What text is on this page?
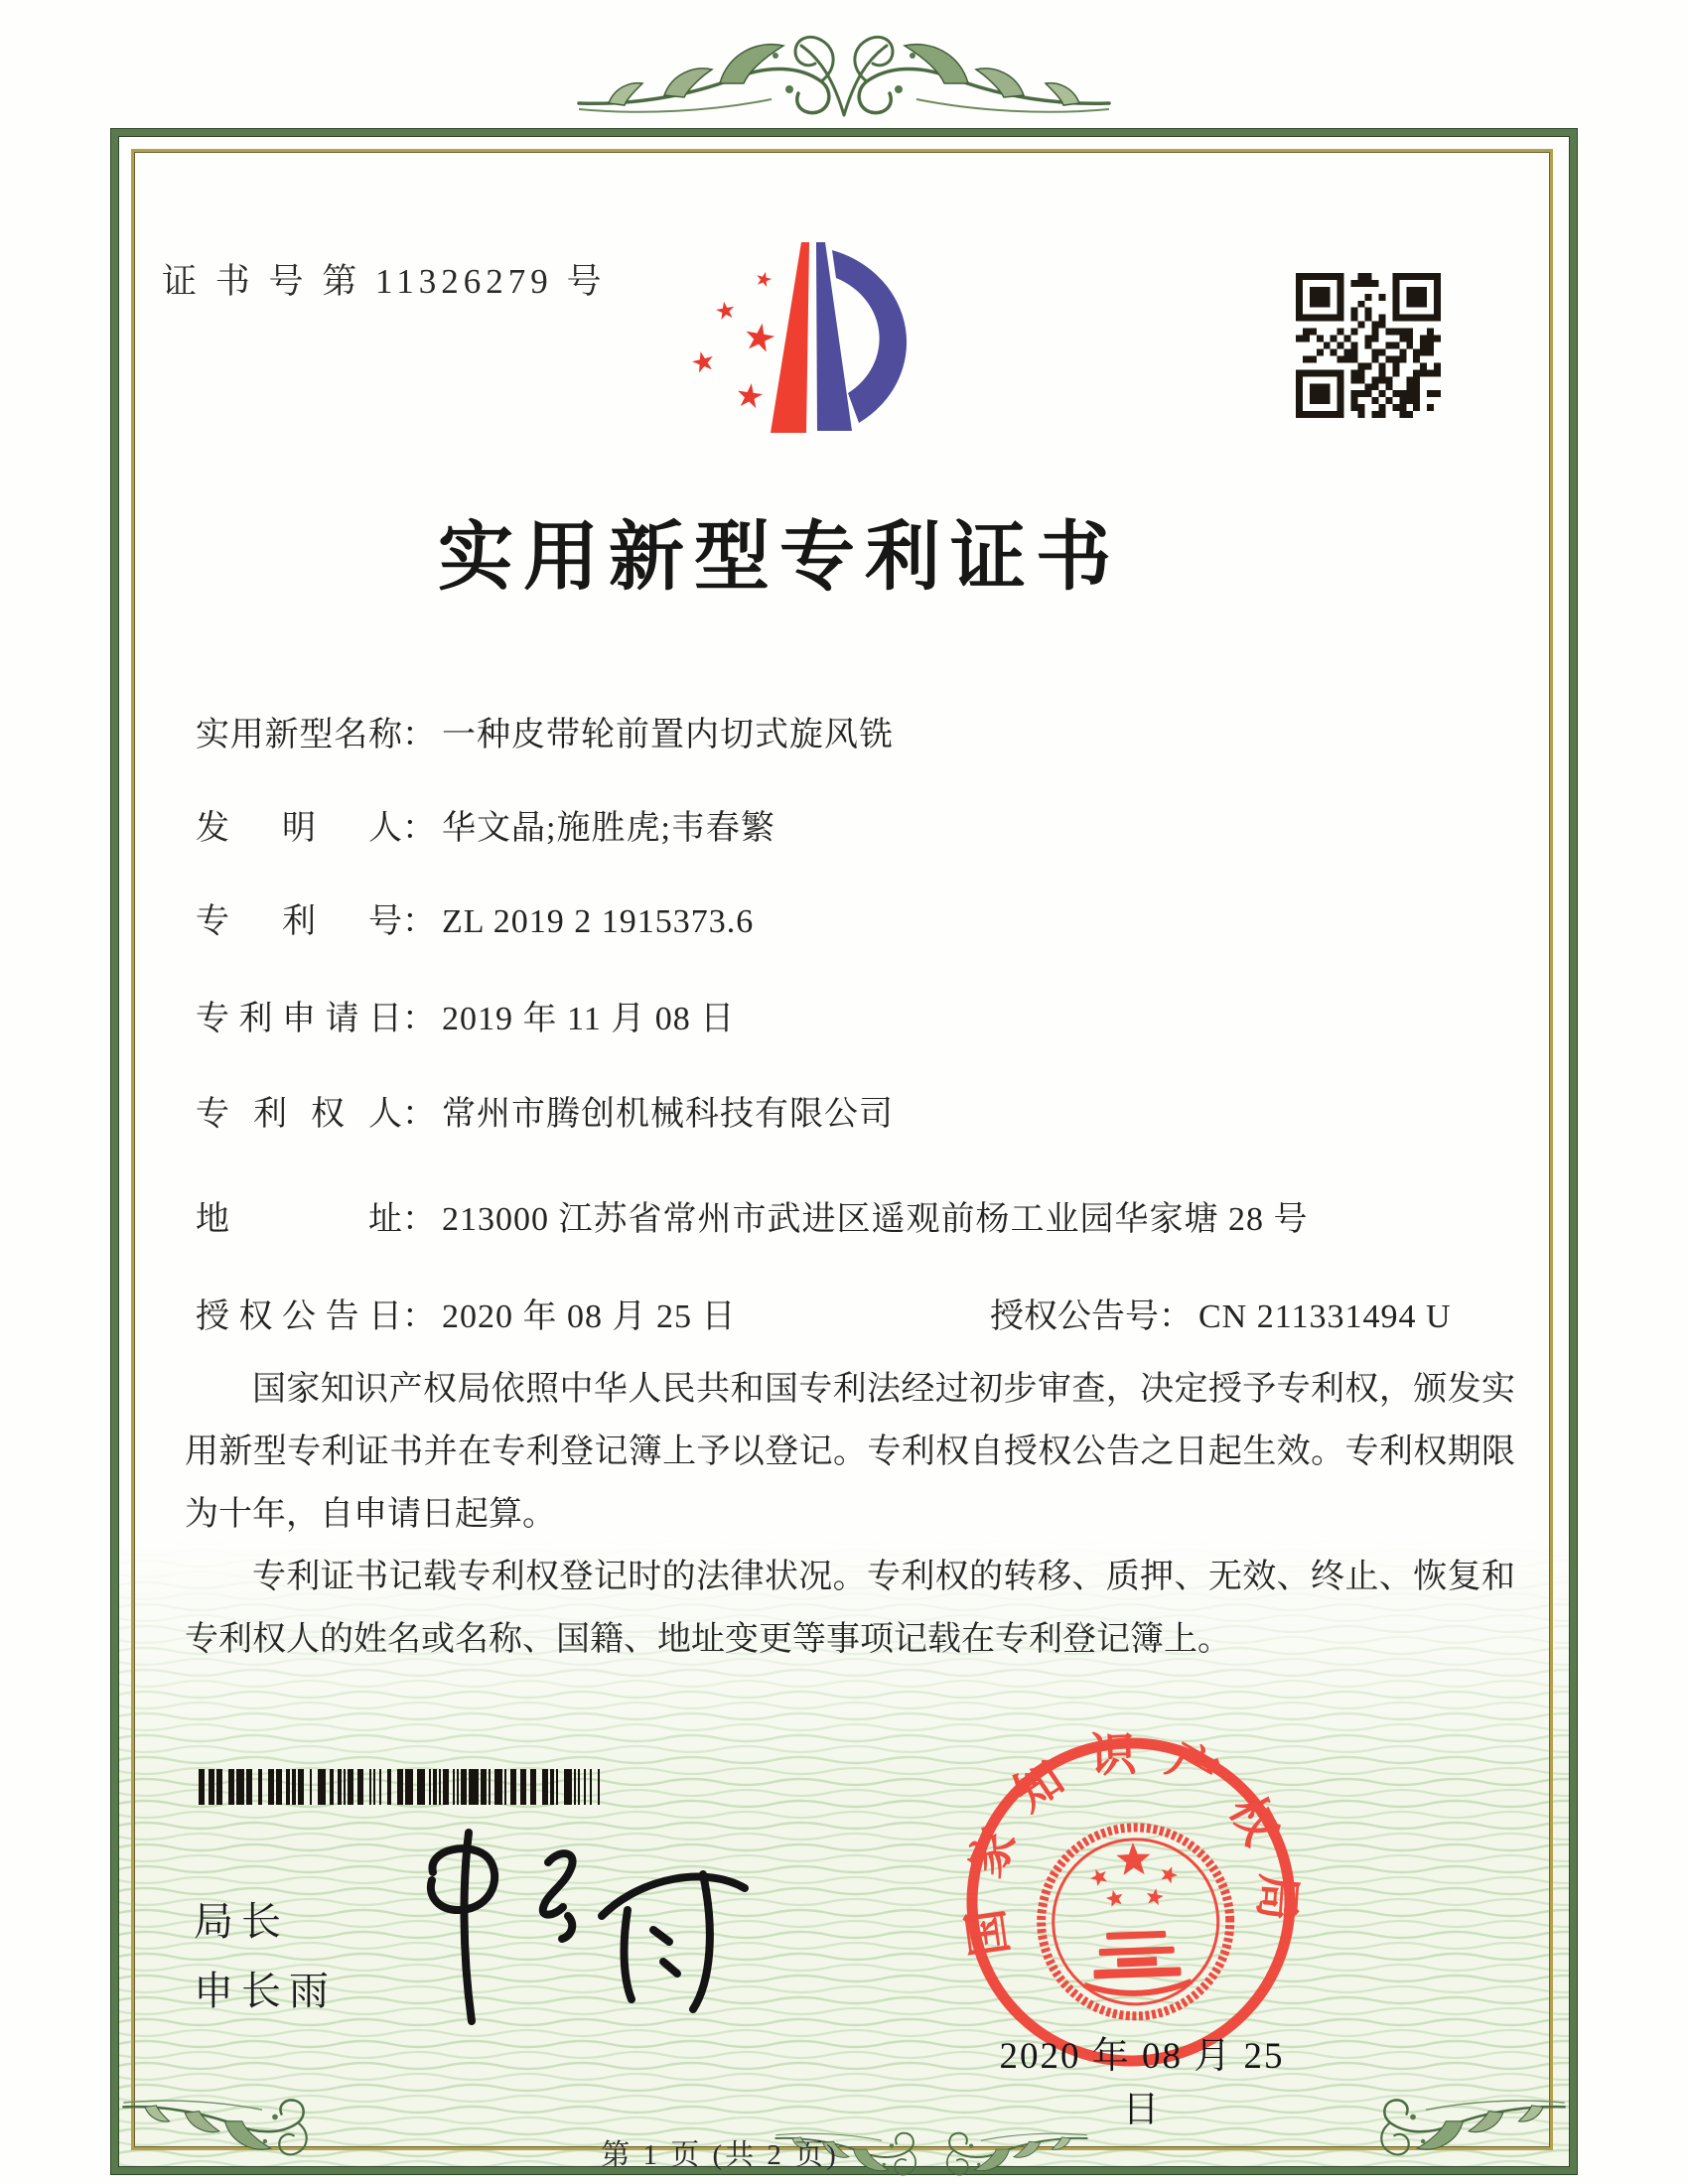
证 书 号 第 11326279 号	★
★
★
★
★
实用新型专利证书
实用新型名称： 一种皮带轮前置内切式旋风铣
发明人： 华文晶;施胜虎;韦春繁
专利号： ZL 2019 2 1915373.6
专利申请日： 2019 年 11 月 08 日
专利权人： 常州市腾创机械科技有限公司
地址： 213000 江苏省常州市武进区遥观前杨工业园华家塘 28 号
授权公告日： 2020 年 08 月 25 日	授权公告号： CN 211331494 U

国家知识产权局依照中华人民共和国专利法经过初步审查，决定授予专利权，颁发实用新型专利证书并在专利登记簿上予以登记。专利权自授权公告之日起生效。专利权期限为十年，自申请日起算。

专利证书记载专利权登记时的法律状况。专利权的转移、质押、无效、终止、恢复和专利权人的姓名或名称、国籍、地址变更等事项记载在专利登记簿上。

局长
申长雨
国家知识产权局
2020 年 08 月 25 日
第 1 页 (共 2 页)
